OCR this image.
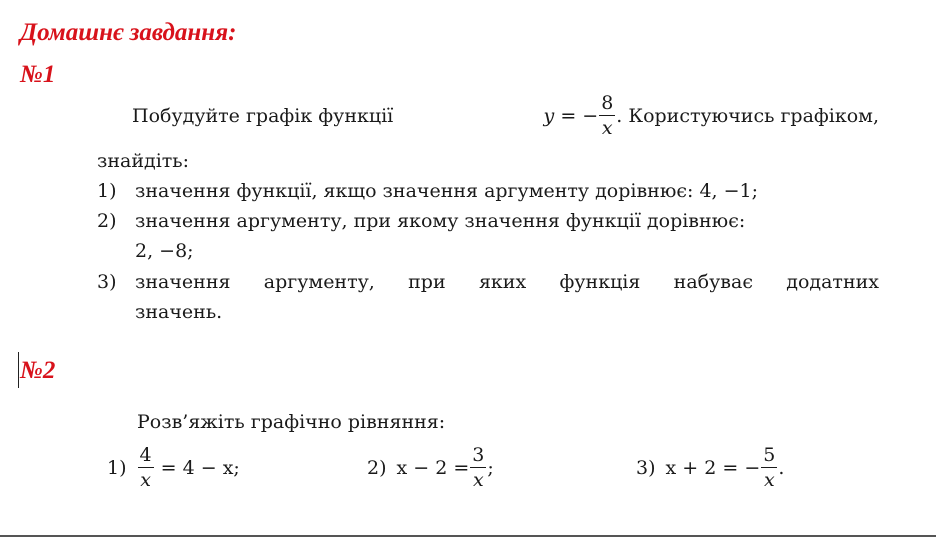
Домашнє завдання:
№1
Побудуйте графік функції	y = − $\frac{8}{x}$ . Користуючись графіком,
знайдіть:
1) значення функції, якщо значення аргументу дорівнює: 4, −1;
2) значення аргументу, при якому значення функції дорівнює:
2, −8;
3) значення аргументу, при яких функція набуває додатних
значень.
№2
Розв’яжіть графічно рівняння:
$1) \frac{4}{x} = 4 - x$;	2) $x - 2 = \frac{3}{x}$ ;	3) x + 2 = − $\frac{5}{x}$ .
